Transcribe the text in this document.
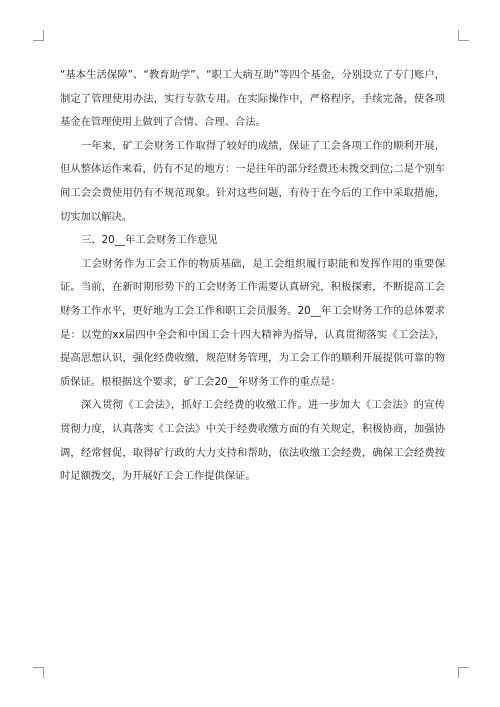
“基本生活保障”、“教育助学”、“职工大病互助”等四个基金，分别设立了专门账户，制定了管理使用办法，实行专款专用。在实际操作中，严格程序，手续完备，使各项基金在管理使用上做到了合情、合理、合法。

一年来，矿工会财务工作取得了较好的成绩，保证了工会各项工作的顺利开展，但从整体运作来看，仍有不足的地方：一是往年的部分经费还未拨交到位;二是个别车间工会会费使用仍有不规范现象。针对这些问题，有待于在今后的工作中采取措施，切实加以解决。

三、20__年工会财务工作意见

工会财务作为工会工作的物质基础，是工会组织履行职能和发挥作用的重要保证。当前，在新时期形势下的工会财务工作需要认真研究，积极探索，不断提高工会财务工作水平，更好地为工会工作和职工会员服务。20__年工会财务工作的总体要求是：以党的xx届四中全会和中国工会十四大精神为指导，认真贯彻落实《工会法》，提高思想认识，强化经费收缴，规范财务管理，为工会工作的顺利开展提供可靠的物质保证。根根据这个要求，矿工会20__年财务工作的重点是：

深入贯彻《工会法》，抓好工会经费的收缴工作。进一步加大《工会法》的宣传贯彻力度，认真落实《工会法》中关于经费收缴方面的有关规定，积极协商，加强协调，经常督促，取得矿行政的大力支持和帮助，依法收缴工会经费，确保工会经费按时足额拨交，为开展好工会工作提供保证。
